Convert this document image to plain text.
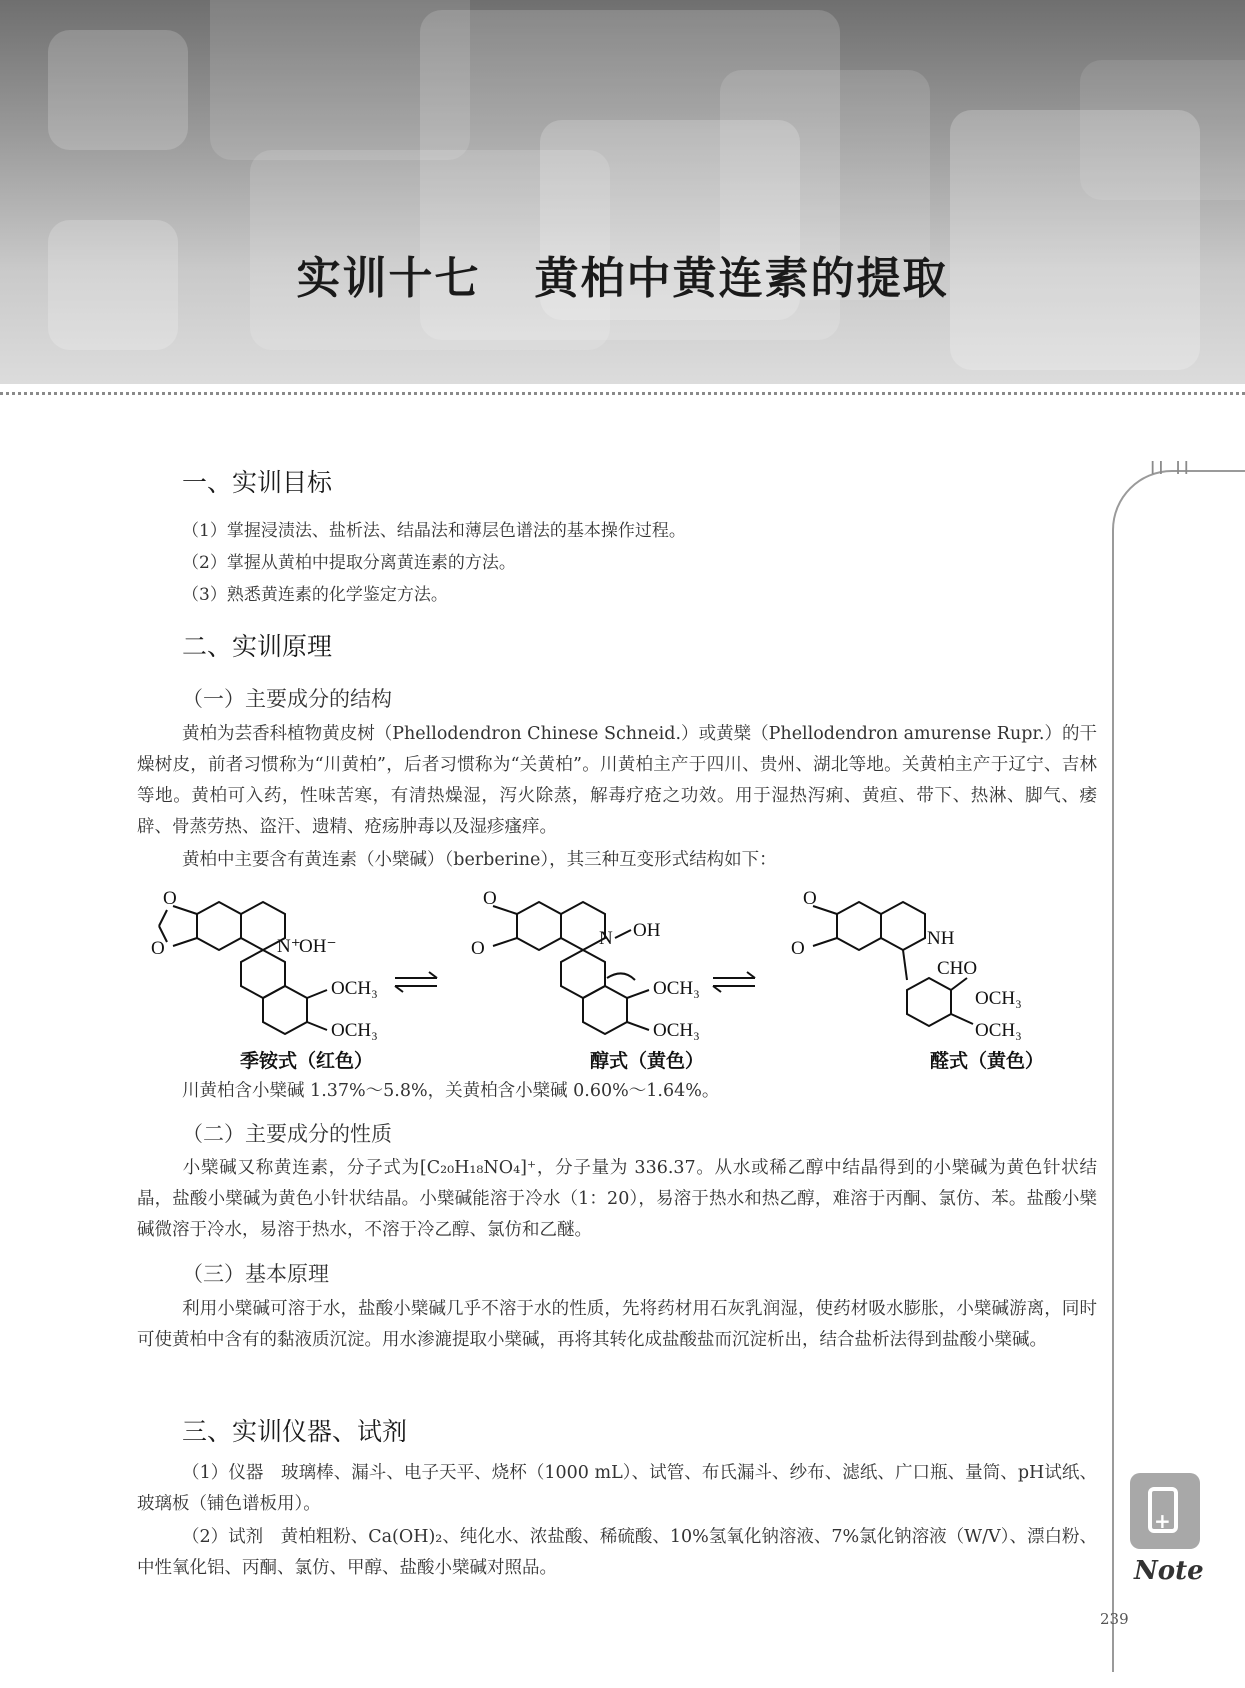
实训十七 黄柏中黄连素的提取
II II
+
Note
一、实训目标
（1）掌握浸渍法、盐析法、结晶法和薄层色谱法的基本操作过程。
（2）掌握从黄柏中提取分离黄连素的方法。
（3）熟悉黄连素的化学鉴定方法。
二、实训原理
（一）主要成分的结构
黄柏为芸香科植物黄皮树（Phellodendron Chinese Schneid.）或黄檗（Phellodendron amurense Rupr.）的干燥树皮，前者习惯称为“川黄柏”，后者习惯称为“关黄柏”。川黄柏主产于四川、贵州、湖北等地。关黄柏主产于辽宁、吉林等地。黄柏可入药，性味苦寒，有清热燥湿，泻火除蒸，解毒疗疮之功效。用于湿热泻痢、黄疸、带下、热淋、脚气、痿辟、骨蒸劳热、盗汗、遗精、疮疡肿毒以及湿疹瘙痒。
黄柏中主要含有黄连素（小檗碱）（berberine），其三种互变形式结构如下：
O
O	N⁺
OH⁻
OCH₃
OCH₃
O
O	N OH
OCH₃
OCH₃
O
O	NH
CHO
OCH₃
OCH₃
季铵式（红色）	醇式（黄色）	醛式（黄色）
川黄柏含小檗碱 1.37%～5.8%，关黄柏含小檗碱 0.60%～1.64%。
（二）主要成分的性质
小檗碱又称黄连素，分子式为[C₂₀H₁₈NO₄]⁺，分子量为 336.37。从水或稀乙醇中结晶得到的小檗碱为黄色针状结晶，盐酸小檗碱为黄色小针状结晶。小檗碱能溶于冷水（1：20），易溶于热水和热乙醇，难溶于丙酮、氯仿、苯。盐酸小檗碱微溶于冷水，易溶于热水，不溶于冷乙醇、氯仿和乙醚。
（三）基本原理
利用小檗碱可溶于水，盐酸小檗碱几乎不溶于水的性质，先将药材用石灰乳润湿，使药材吸水膨胀，小檗碱游离，同时可使黄柏中含有的黏液质沉淀。用水渗漉提取小檗碱，再将其转化成盐酸盐而沉淀析出，结合盐析法得到盐酸小檗碱。
三、实训仪器、试剂
（1）仪器　玻璃棒、漏斗、电子天平、烧杯（1000 mL）、试管、布氏漏斗、纱布、滤纸、广口瓶、量筒、pH试纸、玻璃板（铺色谱板用）。
（2）试剂　黄柏粗粉、Ca(OH)₂、纯化水、浓盐酸、稀硫酸、10%氢氧化钠溶液、7%氯化钠溶液（W/V）、漂白粉、中性氧化铝、丙酮、氯仿、甲醇、盐酸小檗碱对照品。
239
